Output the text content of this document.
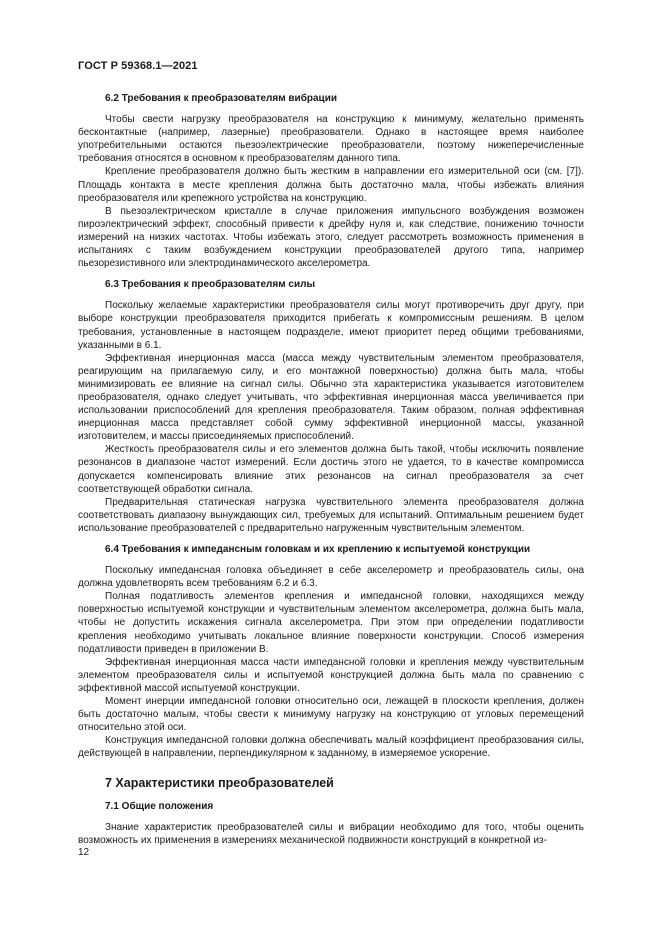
ГОСТ Р 59368.1—2021
6.2 Требования к преобразователям вибрации

Чтобы свести нагрузку преобразователя на конструкцию к минимуму, желательно применять бесконтактные (например, лазерные) преобразователи. Однако в настоящее время наиболее употребительными остаются пьезоэлектрические преобразователи, поэтому нижеперечисленные требования относятся в основном к преобразователям данного типа.

Крепление преобразователя должно быть жестким в направлении его измерительной оси (см. [7]). Площадь контакта в месте крепления должна быть достаточно мала, чтобы избежать влияния преобразователя или крепежного устройства на конструкцию.

В пьезоэлектрическом кристалле в случае приложения импульсного возбуждения возможен пироэлектрический эффект, способный привести к дрейфу нуля и, как следствие, понижению точности измерений на низких частотах. Чтобы избежать этого, следует рассмотреть возможность применения в испытаниях с таким возбуждением конструкции преобразователей другого типа, например пьезорезистивного или электродинамического акселерометра.

6.3 Требования к преобразователям силы

Поскольку желаемые характеристики преобразователя силы могут противоречить друг другу, при выборе конструкции преобразователя приходится прибегать к компромиссным решениям. В целом требования, установленные в настоящем подразделе, имеют приоритет перед общими требованиями, указанными в 6.1.

Эффективная инерционная масса (масса между чувствительным элементом преобразователя, реагирующим на прилагаемую силу, и его монтажной поверхностью) должна быть мала, чтобы минимизировать ее влияние на сигнал силы. Обычно эта характеристика указывается изготовителем преобразователя, однако следует учитывать, что эффективная инерционная масса увеличивается при использовании приспособлений для крепления преобразователя. Таким образом, полная эффективная инерционная масса представляет собой сумму эффективной инерционной массы, указанной изготовителем, и массы присоединяемых приспособлений.

Жесткость преобразователя силы и его элементов должна быть такой, чтобы исключить появление резонансов в диапазоне частот измерений. Если достичь этого не удается, то в качестве компромисса допускается компенсировать влияние этих резонансов на сигнал преобразователя за счет соответствующей обработки сигнала.

Предварительная статическая нагрузка чувствительного элемента преобразователя должна соответствовать диапазону вынуждающих сил, требуемых для испытаний. Оптимальным решением будет использование преобразователей с предварительно нагруженным чувствительным элементом.

6.4 Требования к импедансным головкам и их креплению к испытуемой конструкции

Поскольку импедансная головка объединяет в себе акселерометр и преобразователь силы, она должна удовлетворять всем требованиям 6.2 и 6.3.

Полная податливость элементов крепления и импедансной головки, находящихся между поверхностью испытуемой конструкции и чувствительным элементом акселерометра, должна быть мала, чтобы не допустить искажения сигнала акселерометра. При этом при определении податливости крепления необходимо учитывать локальное влияние поверхности конструкции. Способ измерения податливости приведен в приложении В.

Эффективная инерционная масса части импедансной головки и крепления между чувствительным элементом преобразователя силы и испытуемой конструкцией должна быть мала по сравнению с эффективной массой испытуемой конструкции.

Момент инерции импедансной головки относительно оси, лежащей в плоскости крепления, должен быть достаточно малым, чтобы свести к минимуму нагрузку на конструкцию от угловых перемещений относительно этой оси.

Конструкция импедансной головки должна обеспечивать малый коэффициент преобразования силы, действующей в направлении, перпендикулярном к заданному, в измеряемое ускорение.

7 Характеристики преобразователей
7.1 Общие положения

Знание характеристик преобразователей силы и вибрации необходимо для того, чтобы оценить возможность их применения в измерениях механической подвижности конструкций в конкретной из-

12
